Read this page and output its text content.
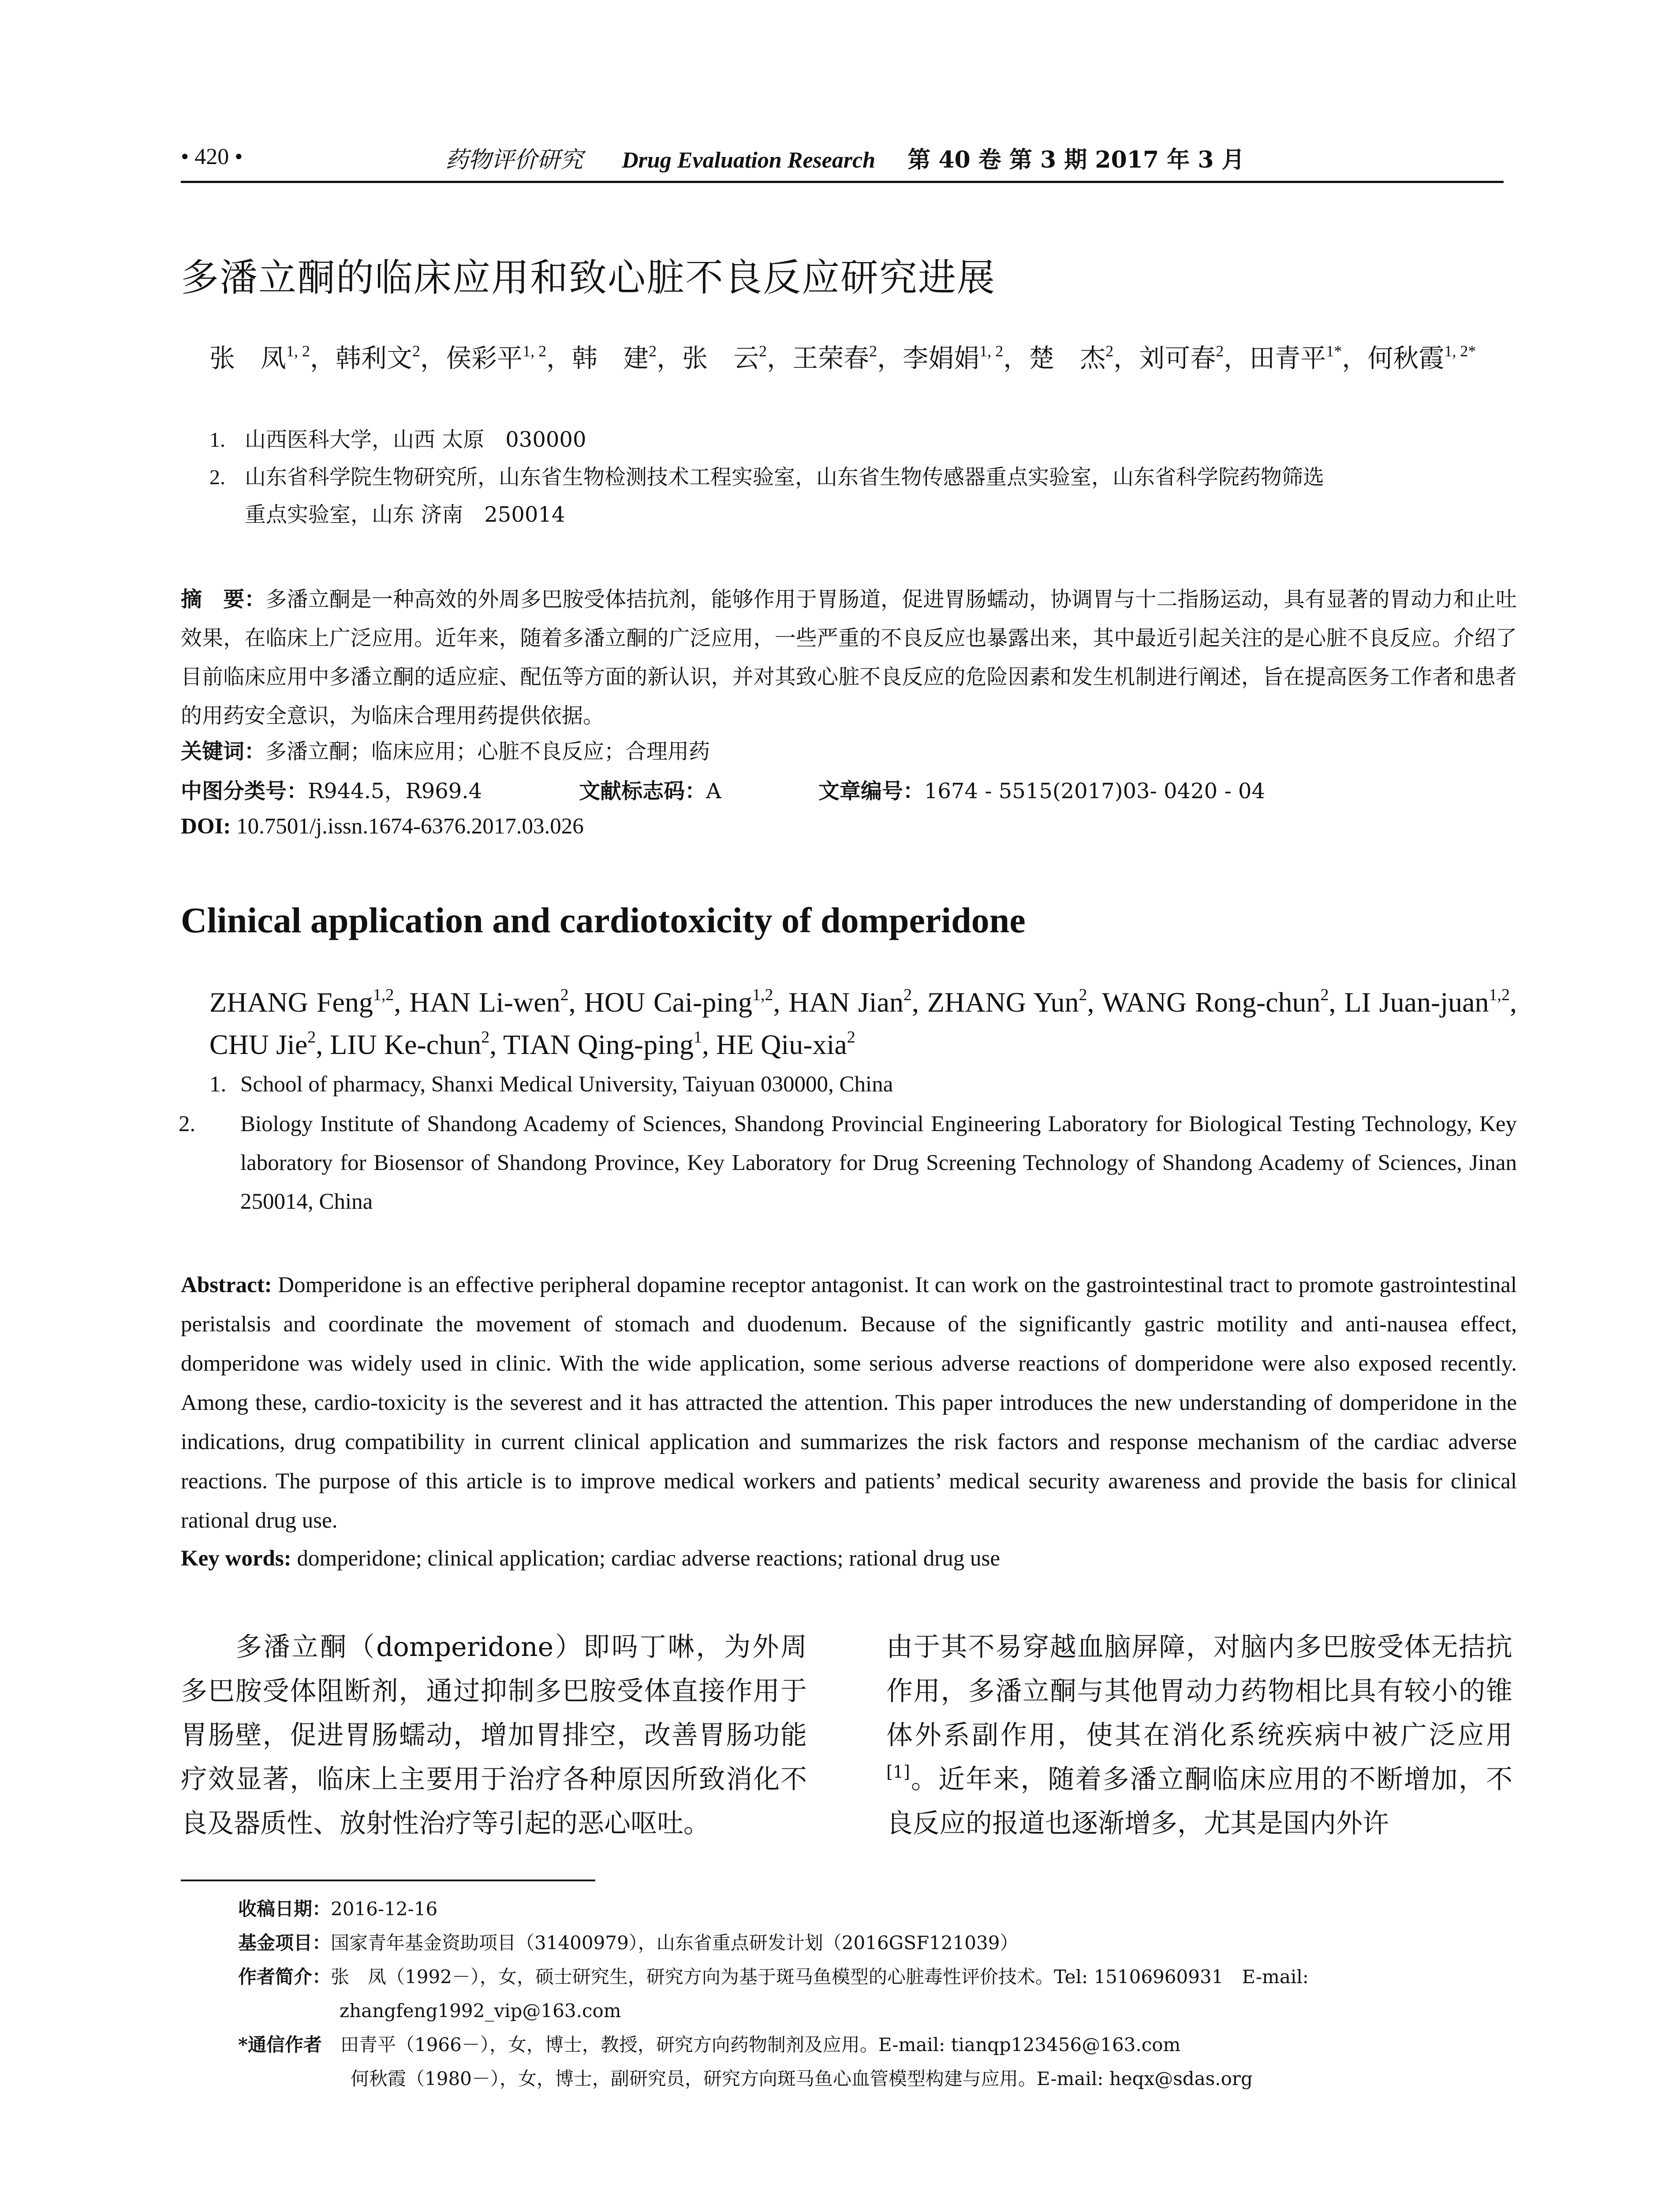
• 420 •	药物评价研究 Drug Evaluation Research 第 40 卷 第 3 期 2017 年 3 月
多潘立酮的临床应用和致心脏不良反应研究进展
张　凤$^{1, 2}$，韩利文$^2$，侯彩平$^{1, 2}$，韩　建$^2$，张　云$^2$，王荣春$^2$，李娟娟$^{1, 2}$，楚　杰$^2$，刘可春$^2$，田青平$^{1*}$，何秋霞$^{1, 2*}$
1. 山西医科大学，山西 太原　030000
2. 山东省科学院生物研究所，山东省生物检测技术工程实验室，山东省生物传感器重点实验室，山东省科学院药物筛选
重点实验室，山东 济南　250014
摘　要：多潘立酮是一种高效的外周多巴胺受体拮抗剂，能够作用于胃肠道，促进胃肠蠕动，协调胃与十二指肠运动，具有显著的胃动力和止吐效果，在临床上广泛应用。近年来，随着多潘立酮的广泛应用，一些严重的不良反应也暴露出来，其中最近引起关注的是心脏不良反应。介绍了目前临床应用中多潘立酮的适应症、配伍等方面的新认识，并对其致心脏不良反应的危险因素和发生机制进行阐述，旨在提高医务工作者和患者的用药安全意识，为临床合理用药提供依据。
关键词：多潘立酮；临床应用；心脏不良反应；合理用药
中图分类号：R944.5，R969.4	文献标志码：A	文章编号：1674 - 5515(2017)03- 0420 - 04
DOI: 10.7501/j.issn.1674-6376.2017.03.026
Clinical application and cardiotoxicity of domperidone
ZHANG Feng$^{1,2}$, HAN Li-wen$^2$, HOU Cai-ping$^{1,2}$, HAN Jian$^2$, ZHANG Yun$^2$, WANG Rong-chun$^2$, LI Juan-juan$^{1,2}$, CHU Jie$^2$, LIU Ke-chun$^2$, TIAN Qing-ping$^1$, HE Qiu-xia$^2$
1. School of pharmacy, Shanxi Medical University, Taiyuan 030000, China
2. Biology Institute of Shandong Academy of Sciences, Shandong Provincial Engineering Laboratory for Biological Testing Technology, Key laboratory for Biosensor of Shandong Province, Key Laboratory for Drug Screening Technology of Shandong Academy of Sciences, Jinan 250014, China
Abstract: Domperidone is an effective peripheral dopamine receptor antagonist. It can work on the gastrointestinal tract to promote gastrointestinal peristalsis and coordinate the movement of stomach and duodenum. Because of the significantly gastric motility and anti-nausea effect, domperidone was widely used in clinic. With the wide application, some serious adverse reactions of domperidone were also exposed recently. Among these, cardio-toxicity is the severest and it has attracted the attention. This paper introduces the new understanding of domperidone in the indications, drug compatibility in current clinical application and summarizes the risk factors and response mechanism of the cardiac adverse reactions. The purpose of this article is to improve medical workers and patients’ medical security awareness and provide the basis for clinical rational drug use.
Key words: domperidone; clinical application; cardiac adverse reactions; rational drug use
多潘立酮（domperidone）即吗丁啉，为外周多巴胺受体阻断剂，通过抑制多巴胺受体直接作用于胃肠壁，促进胃肠蠕动，增加胃排空，改善胃肠功能疗效显著，临床上主要用于治疗各种原因所致消化不良及器质性、放射性治疗等引起的恶心呕吐。
由于其不易穿越血脑屏障，对脑内多巴胺受体无拮抗作用，多潘立酮与其他胃动力药物相比具有较小的锥体外系副作用，使其在消化系统疾病中被广泛应用[1]。近年来，随着多潘立酮临床应用的不断增加，不良反应的报道也逐渐增多，尤其是国内外许
收稿日期：2016-12-16
基金项目：国家青年基金资助项目（31400979），山东省重点研发计划（2016GSF121039）
作者简介：张　凤（1992－），女，硕士研究生，研究方向为基于斑马鱼模型的心脏毒性评价技术。Tel: 15106960931　E-mail:
zhangfeng1992_vip@163.com
*通信作者　 田青平（1966－），女，博士，教授，研究方向药物制剂及应用。E-mail: tianqp123456@163.com
何秋霞（1980－），女，博士，副研究员，研究方向斑马鱼心血管模型构建与应用。E-mail: heqx@sdas.org
